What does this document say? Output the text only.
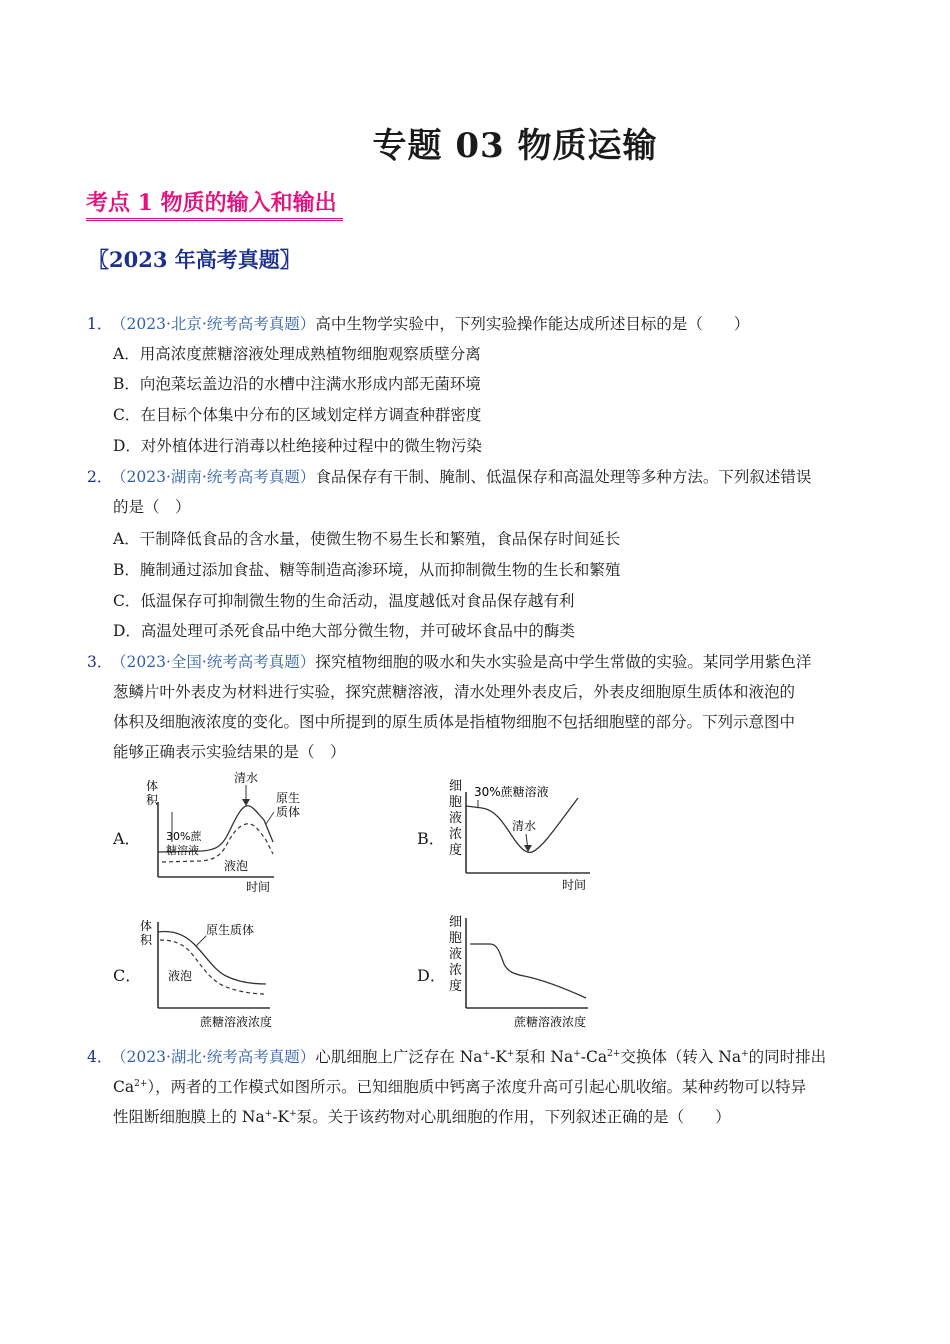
专题 03 物质运输
考点 1 物质的输入和输出
〖2023 年高考真题〗
1．（2023·北京·统考高考真题）高中生物学实验中，下列实验操作能达成所述目标的是（　　）
A．用高浓度蔗糖溶液处理成熟植物细胞观察质壁分离
B．向泡菜坛盖边沿的水槽中注满水形成内部无菌环境
C．在目标个体集中分布的区域划定样方调查种群密度
D．对外植体进行消毒以杜绝接种过程中的微生物污染
2．（2023·湖南·统考高考真题）食品保存有干制、腌制、低温保存和高温处理等多种方法。下列叙述错误
的是（　）
A．干制降低食品的含水量，使微生物不易生长和繁殖，食品保存时间延长
B．腌制通过添加食盐、糖等制造高渗环境，从而抑制微生物的生长和繁殖
C．低温保存可抑制微生物的生命活动，温度越低对食品保存越有利
D．高温处理可杀死食品中绝大部分微生物，并可破坏食品中的酶类
3．（2023·全国·统考高考真题）探究植物细胞的吸水和失水实验是高中学生常做的实验。某同学用紫色洋
葱鳞片叶外表皮为材料进行实验，探究蔗糖溶液，清水处理外表皮后，外表皮细胞原生质体和液泡的
体积及细胞液浓度的变化。图中所提到的原生质体是指植物细胞不包括细胞壁的部分。下列示意图中
能够正确表示实验结果的是（　）
A．
体
积
30%蔗
糖溶液
清水
原生
质体
液泡
时间
B．
细
胞
液
浓
度
30%蔗糖溶液
清水
时间
C．
体
积
原生质体
液泡
蔗糖溶液浓度
D．
细
胞
液
浓
度
蔗糖溶液浓度
4．（2023·湖北·统考高考真题）心肌细胞上广泛存在 Na+-K+泵和 $Na^+-Ca^{2+}$交换体（转入 Na+的同时排出
$Ca^{2+}$），两者的工作模式如图所示。已知细胞质中钙离子浓度升高可引起心肌收缩。某种药物可以特异
性阻断细胞膜上的 Na+-K+泵。关于该药物对心肌细胞的作用，下列叙述正确的是（　　）
